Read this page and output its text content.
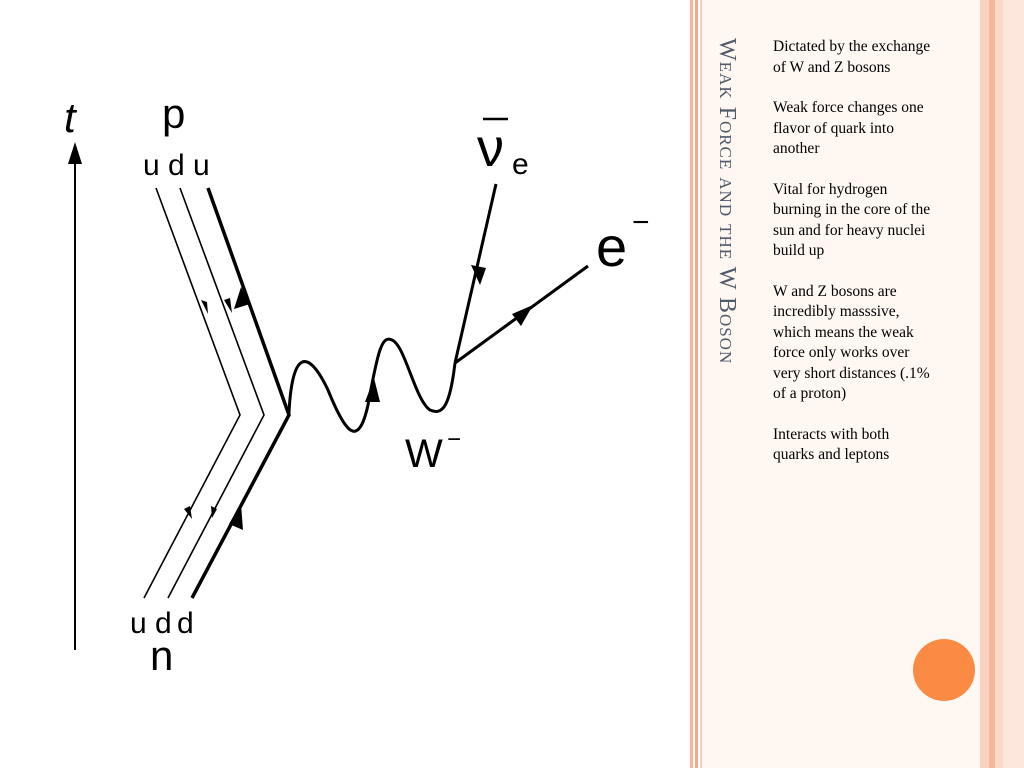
t p
u d u
u d d
n
W −
ν e
e −	Weak Force and the W Boson Dictated by the exchange of W and Z bosons
Weak force changes one flavor of quark into another
Vital for hydrogen burning in the core of the sun and for heavy nuclei build up
W and Z bosons are incredibly masssive, which means the weak force only works over very short distances (.1% of a proton)
Interacts with both quarks and leptons
